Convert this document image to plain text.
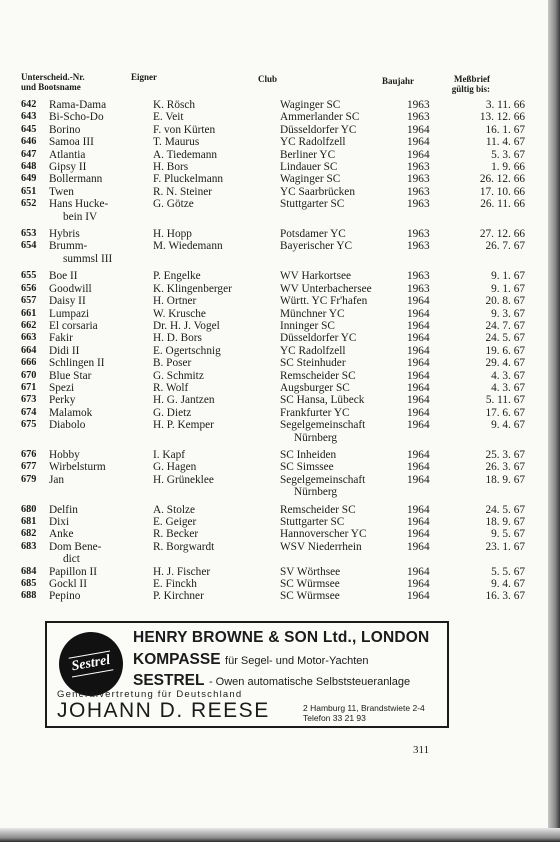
Unterscheid.-Nr.
und Bootsname
Eigner	Club	Baujahr	Meßbrief
gültig bis:
642	Rama-Dama	K. Rösch	Waginger SC	1963	3. 11. 66

643	Bi-Scho-Do	E. Veit	Ammerlander SC	1963	13. 12. 66

645	Borino	F. von Kürten	Düsseldorfer YC	1964	16. 1. 67

646	Samoa III	T. Maurus	YC Radolfzell	1964	11. 4. 67

647	Atlantia	A. Tiedemann	Berliner YC	1964	5. 3. 67

648	Gipsy II	H. Bors	Lindauer SC	1963	1. 9. 66

649	Bollermann	F. Pluckelmann	Waginger SC	1963	26. 12. 66

651	Twen	R. N. Steiner	YC Saarbrücken	1963	17. 10. 66

652	Hans Hucke-
bein IV	G. Götze	Stuttgarter SC	1963	26. 11. 66

653	Hybris	H. Hopp	Potsdamer YC	1963	27. 12. 66

654	Brumm-
summsl III	M. Wiedemann	Bayerischer YC	1963	26. 7. 67

655	Boe II	P. Engelke	WV Harkortsee	1963	9. 1. 67

656	Goodwill	K. Klingenberger	WV Unterbachersee	1963	9. 1. 67

657	Daisy II	H. Ortner	Württ. YC Fr'hafen	1964	20. 8. 67

661	Lumpazi	W. Krusche	Münchner YC	1964	9. 3. 67

662	El corsaria	Dr. H. J. Vogel	Inninger SC	1964	24. 7. 67

663	Fakir	H. D. Bors	Düsseldorfer YC	1964	24. 5. 67

664	Didi II	E. Ogertschnig	YC Radolfzell	1964	19. 6. 67

666	Schlingen II	B. Poser	SC Steinhuder	1964	29. 4. 67

670	Blue Star	G. Schmitz	Remscheider SC	1964	4. 3. 67

671	Spezi	R. Wolf	Augsburger SC	1964	4. 3. 67

673	Perky	H. G. Jantzen	SC Hansa, Lübeck	1964	5. 11. 67

674	Malamok	G. Dietz	Frankfurter YC	1964	17. 6. 67

675	Diabolo	H. P. Kemper	Segelgemeinschaft
Nürnberg	1964	9. 4. 67

676	Hobby	I. Kapf	SC Inheiden	1964	25. 3. 67

677	Wirbelsturm	G. Hagen	SC Simssee	1964	26. 3. 67

679	Jan	H. Grüneklee	Segelgemeinschaft
Nürnberg	1964	18. 9. 67

680	Delfin	A. Stolze	Remscheider SC	1964	24. 5. 67

681	Dixi	E. Geiger	Stuttgarter SC	1964	18. 9. 67

682	Anke	R. Becker	Hannoverscher YC	1964	9. 5. 67

683	Dom Bene-
dict	R. Borgwardt	WSV Niederrhein	1964	23. 1. 67

684	Papillon II	H. J. Fischer	SV Wörthsee	1964	5. 5. 67

685	Gockl II	E. Finckh	SC Würmsee	1964	9. 4. 67

688	Pepino	P. Kirchner	SC Würmsee	1964	16. 3. 67
Sestrel
HENRY BROWNE & SON Ltd., LONDON
KOMPASSE für Segel- und Motor-Yachten
SESTREL - Owen automatische Selbststeueranlage
Generalvertretung für Deutschland
JOHANN D. REESE	2 Hamburg 11, Brandstwiete 2-4
Telefon 33 21 93
311
